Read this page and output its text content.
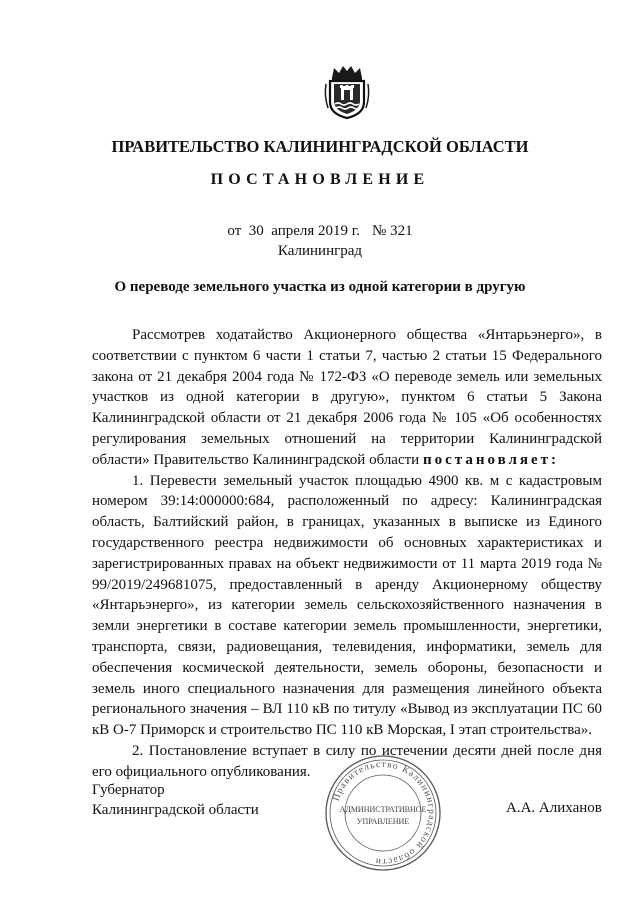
ПРАВИТЕЛЬСТВО КАЛИНИНГРАДСКОЙ ОБЛАСТИ
ПОСТАНОВЛЕНИЕ
от  30  апреля 2019 г. № 321
Калининград
О переводе земельного участка из одной категории в другую

Рассмотрев ходатайство Акционерного общества «Янтарьэнерго», в соответствии с пунктом 6 части 1 статьи 7, частью 2 статьи 15 Федерального закона от 21 декабря 2004 года № 172-ФЗ «О переводе земель или земельных участков из одной категории в другую», пунктом 6 статьи 5 Закона Калининградской области от 21 декабря 2006 года № 105 «Об особенностях регулирования земельных отношений на территории Калининградской области» Правительство Калининградской области постановляет:

1. Перевести земельный участок площадью 4900 кв. м с кадастровым номером 39:14:000000:684, расположенный по адресу: Калининградская область, Балтийский район, в границах, указанных в выписке из Единого государственного реестра недвижимости об основных характеристиках и зарегистрированных правах на объект недвижимости от 11 марта 2019 года № 99/2019/249681075, предоставленный в аренду Акционерному обществу «Янтарьэнерго», из категории земель сельскохозяйственного назначения в земли энергетики в составе категории земель промышленности, энергетики, транспорта, связи, радиовещания, телевидения, информатики, земель для обеспечения космической деятельности, земель обороны, безопасности и земель иного специального назначения для размещения линейного объекта регионального значения – ВЛ 110 кВ по титулу «Вывод из эксплуатации ПС 60 кВ О-7 Приморск и строительство ПС 110 кВ Морская, I этап строительства».

2. Постановление вступает в силу по истечении десяти дней после дня его официального опубликования.

Губернатор
Калининградской области
Правительство Калининградской области
АДМИНИСТРАТИВНОЕ
УПРАВЛЕНИЕ
А.А. Алиханов
